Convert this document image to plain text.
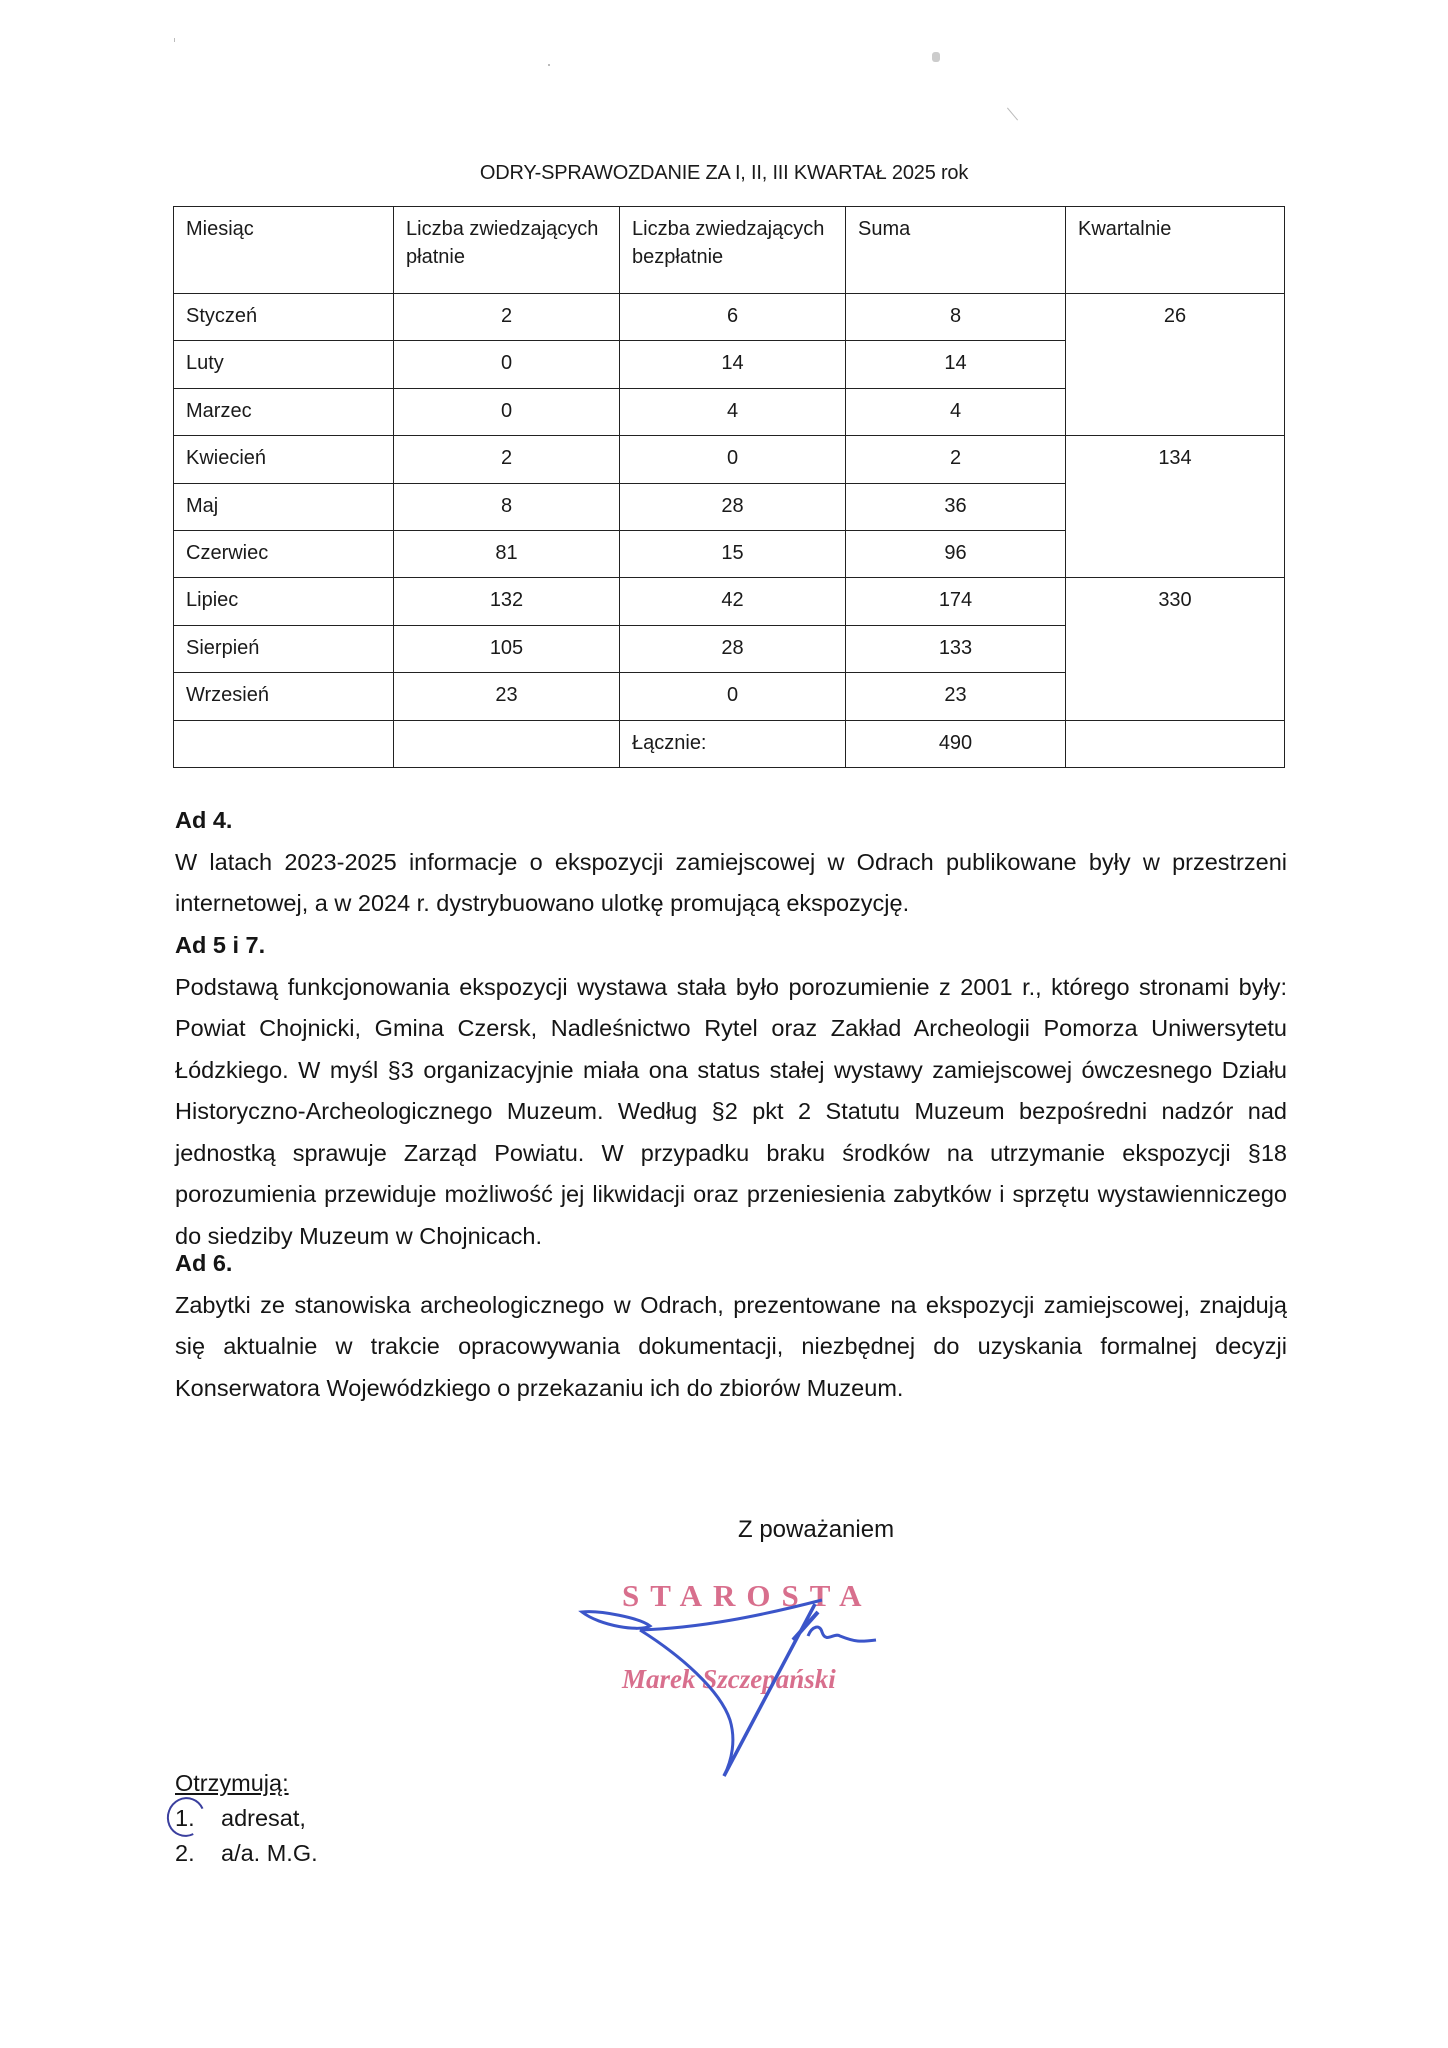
ODRY-SPRAWOZDANIE ZA I, II, III KWARTAŁ 2025 rok
Miesiąc	Liczba zwiedzających płatnie	Liczba zwiedzających bezpłatnie	Suma	Kwartalnie
Styczeń	2	6	8	26
Luty	0	14	14	
Marzec	0	4	4	
Kwiecień	2	0	2	134
Maj	8	28	36	
Czerwiec	81	15	96	
Lipiec	132	42	174	330
Sierpień	105	28	133	
Wrzesień	23	0	23	
		Łącznie:	490	
Ad 4.
W latach 2023-2025 informacje o ekspozycji zamiejscowej w Odrach publikowane były w przestrzeni internetowej, a w 2024 r. dystrybuowano ulotkę promującą ekspozycję.
Ad 5 i 7.
Podstawą funkcjonowania ekspozycji wystawa stała było porozumienie z 2001 r., którego stronami były: Powiat Chojnicki, Gmina Czersk, Nadleśnictwo Rytel oraz Zakład Archeologii Pomorza Uniwersytetu Łódzkiego. W myśl §3 organizacyjnie miała ona status stałej wystawy zamiejscowej ówczesnego Działu Historyczno-Archeologicznego Muzeum. Według §2 pkt 2 Statutu Muzeum bezpośredni nadzór nad jednostką sprawuje Zarząd Powiatu. W przypadku braku środków na utrzymanie ekspozycji §18 porozumienia przewiduje możliwość jej likwidacji oraz przeniesienia zabytków i sprzętu wystawienniczego do siedziby Muzeum w Chojnicach.
Ad 6.
Zabytki ze stanowiska archeologicznego w Odrach, prezentowane na ekspozycji zamiejscowej, znajdują się aktualnie w trakcie opracowywania dokumentacji, niezbędnej do uzyskania formalnej decyzji Konserwatora Wojewódzkiego o przekazaniu ich do zbiorów Muzeum.
Z poważaniem
STAROSTA
Marek Szczepański
Otrzymują:
1.	adresat,
2.	a/a. M.G.
